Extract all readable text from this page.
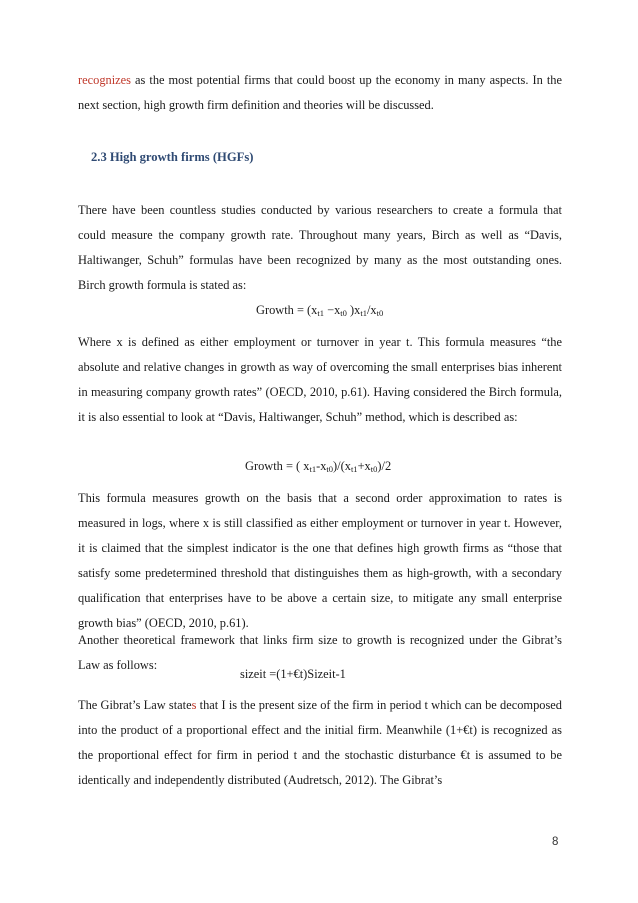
recognizes as the most potential firms that could boost up the economy in many aspects. In the next section, high growth firm definition and theories will be discussed.

2.3 High growth firms (HGFs)

There have been countless studies conducted by various researchers to create a formula that could measure the company growth rate. Throughout many years, Birch as well as “Davis, Haltiwanger, Schuh” formulas have been recognized by many as the most outstanding ones. Birch growth formula is stated as:

Growth = ($x_{t1} -x_{t0}$ )$x_{t1}/x_{t0}$

Where x is defined as either employment or turnover in year t. This formula measures “the absolute and relative changes in growth as way of overcoming the small enterprises bias inherent in measuring company growth rates” (OECD, 2010, p.61). Having considered the Birch formula, it is also essential to look at “Davis, Haltiwanger, Schuh” method, which is described as:

Growth = ( $x_{t1}-x_{t0})/(x_{t1}+x_{t0})/2$

This formula measures growth on the basis that a second order approximation to rates is measured in logs, where x is still classified as either employment or turnover in year t. However, it is claimed that the simplest indicator is the one that defines high growth firms as “those that satisfy some predetermined threshold that distinguishes them as high-growth, with a secondary qualification that enterprises have to be above a certain size, to mitigate any small enterprise growth bias” (OECD, 2010, p.61).

Another theoretical framework that links firm size to growth is recognized under the Gibrat’s Law as follows:

sizeit =(1+€t)Sizeit-1

The Gibrat’s Law states that I is the present size of the firm in period t which can be decomposed into the product of a proportional effect and the initial firm. Meanwhile (1+€t) is recognized as the proportional effect for firm in period t and the stochastic disturbance €t is assumed to be identically and independently distributed (Audretsch, 2012). The Gibrat’s

8
